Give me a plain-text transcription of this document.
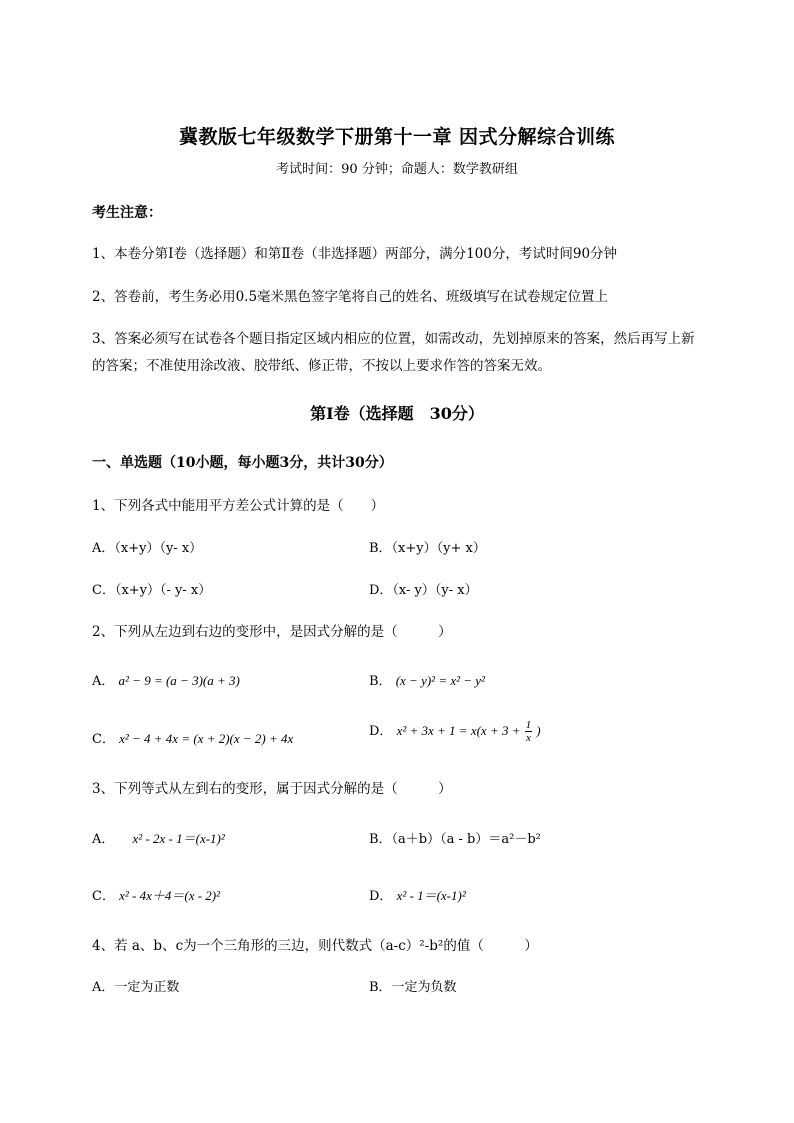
冀教版七年级数学下册第十一章 因式分解综合训练
考试时间：90 分钟；命题人：数学教研组
考生注意：
1、本卷分第Ⅰ卷（选择题）和第Ⅱ卷（非选择题）两部分，满分100分，考试时间90分钟
2、答卷前，考生务必用0.5毫米黑色签字笔将自己的姓名、班级填写在试卷规定位置上
3、答案必须写在试卷各个题目指定区域内相应的位置，如需改动，先划掉原来的答案，然后再写上新
的答案；不准使用涂改液、胶带纸、修正带，不按以上要求作答的答案无效。
第Ⅰ卷（选择题　30分）
一、单选题（10小题，每小题3分，共计30分）
1、下列各式中能用平方差公式计算的是（　　）
A．（x+y）（y- x）	B．（x+y）（y+ x）
C．（x+y）（- y- x）	D．（x- y）（y- x）
2、下列从左边到右边的变形中，是因式分解的是（　　　）
A． a² − 9 = (a − 3)(a + 3)	B． (x − y)² = x² − y²
C． x² − 4 + 4x = (x + 2)(x − 2) + 4x	D． $x^2 + 3x + 1 = x(x + 3 + \frac{1}{x}$ )
3、下列等式从左到右的变形，属于因式分解的是（　　　）
A． x² - 2x - 1＝(x-1)²	B．（a＋b）（a - b）＝a²－b²
C． x² - 4x＋4＝(x - 2)²	D． x² - 1＝(x-1)²
4、若 a、b、c为一个三角形的三边，则代数式（a-c）²-b²的值（　　　）
A．一定为正数	B．一定为负数
